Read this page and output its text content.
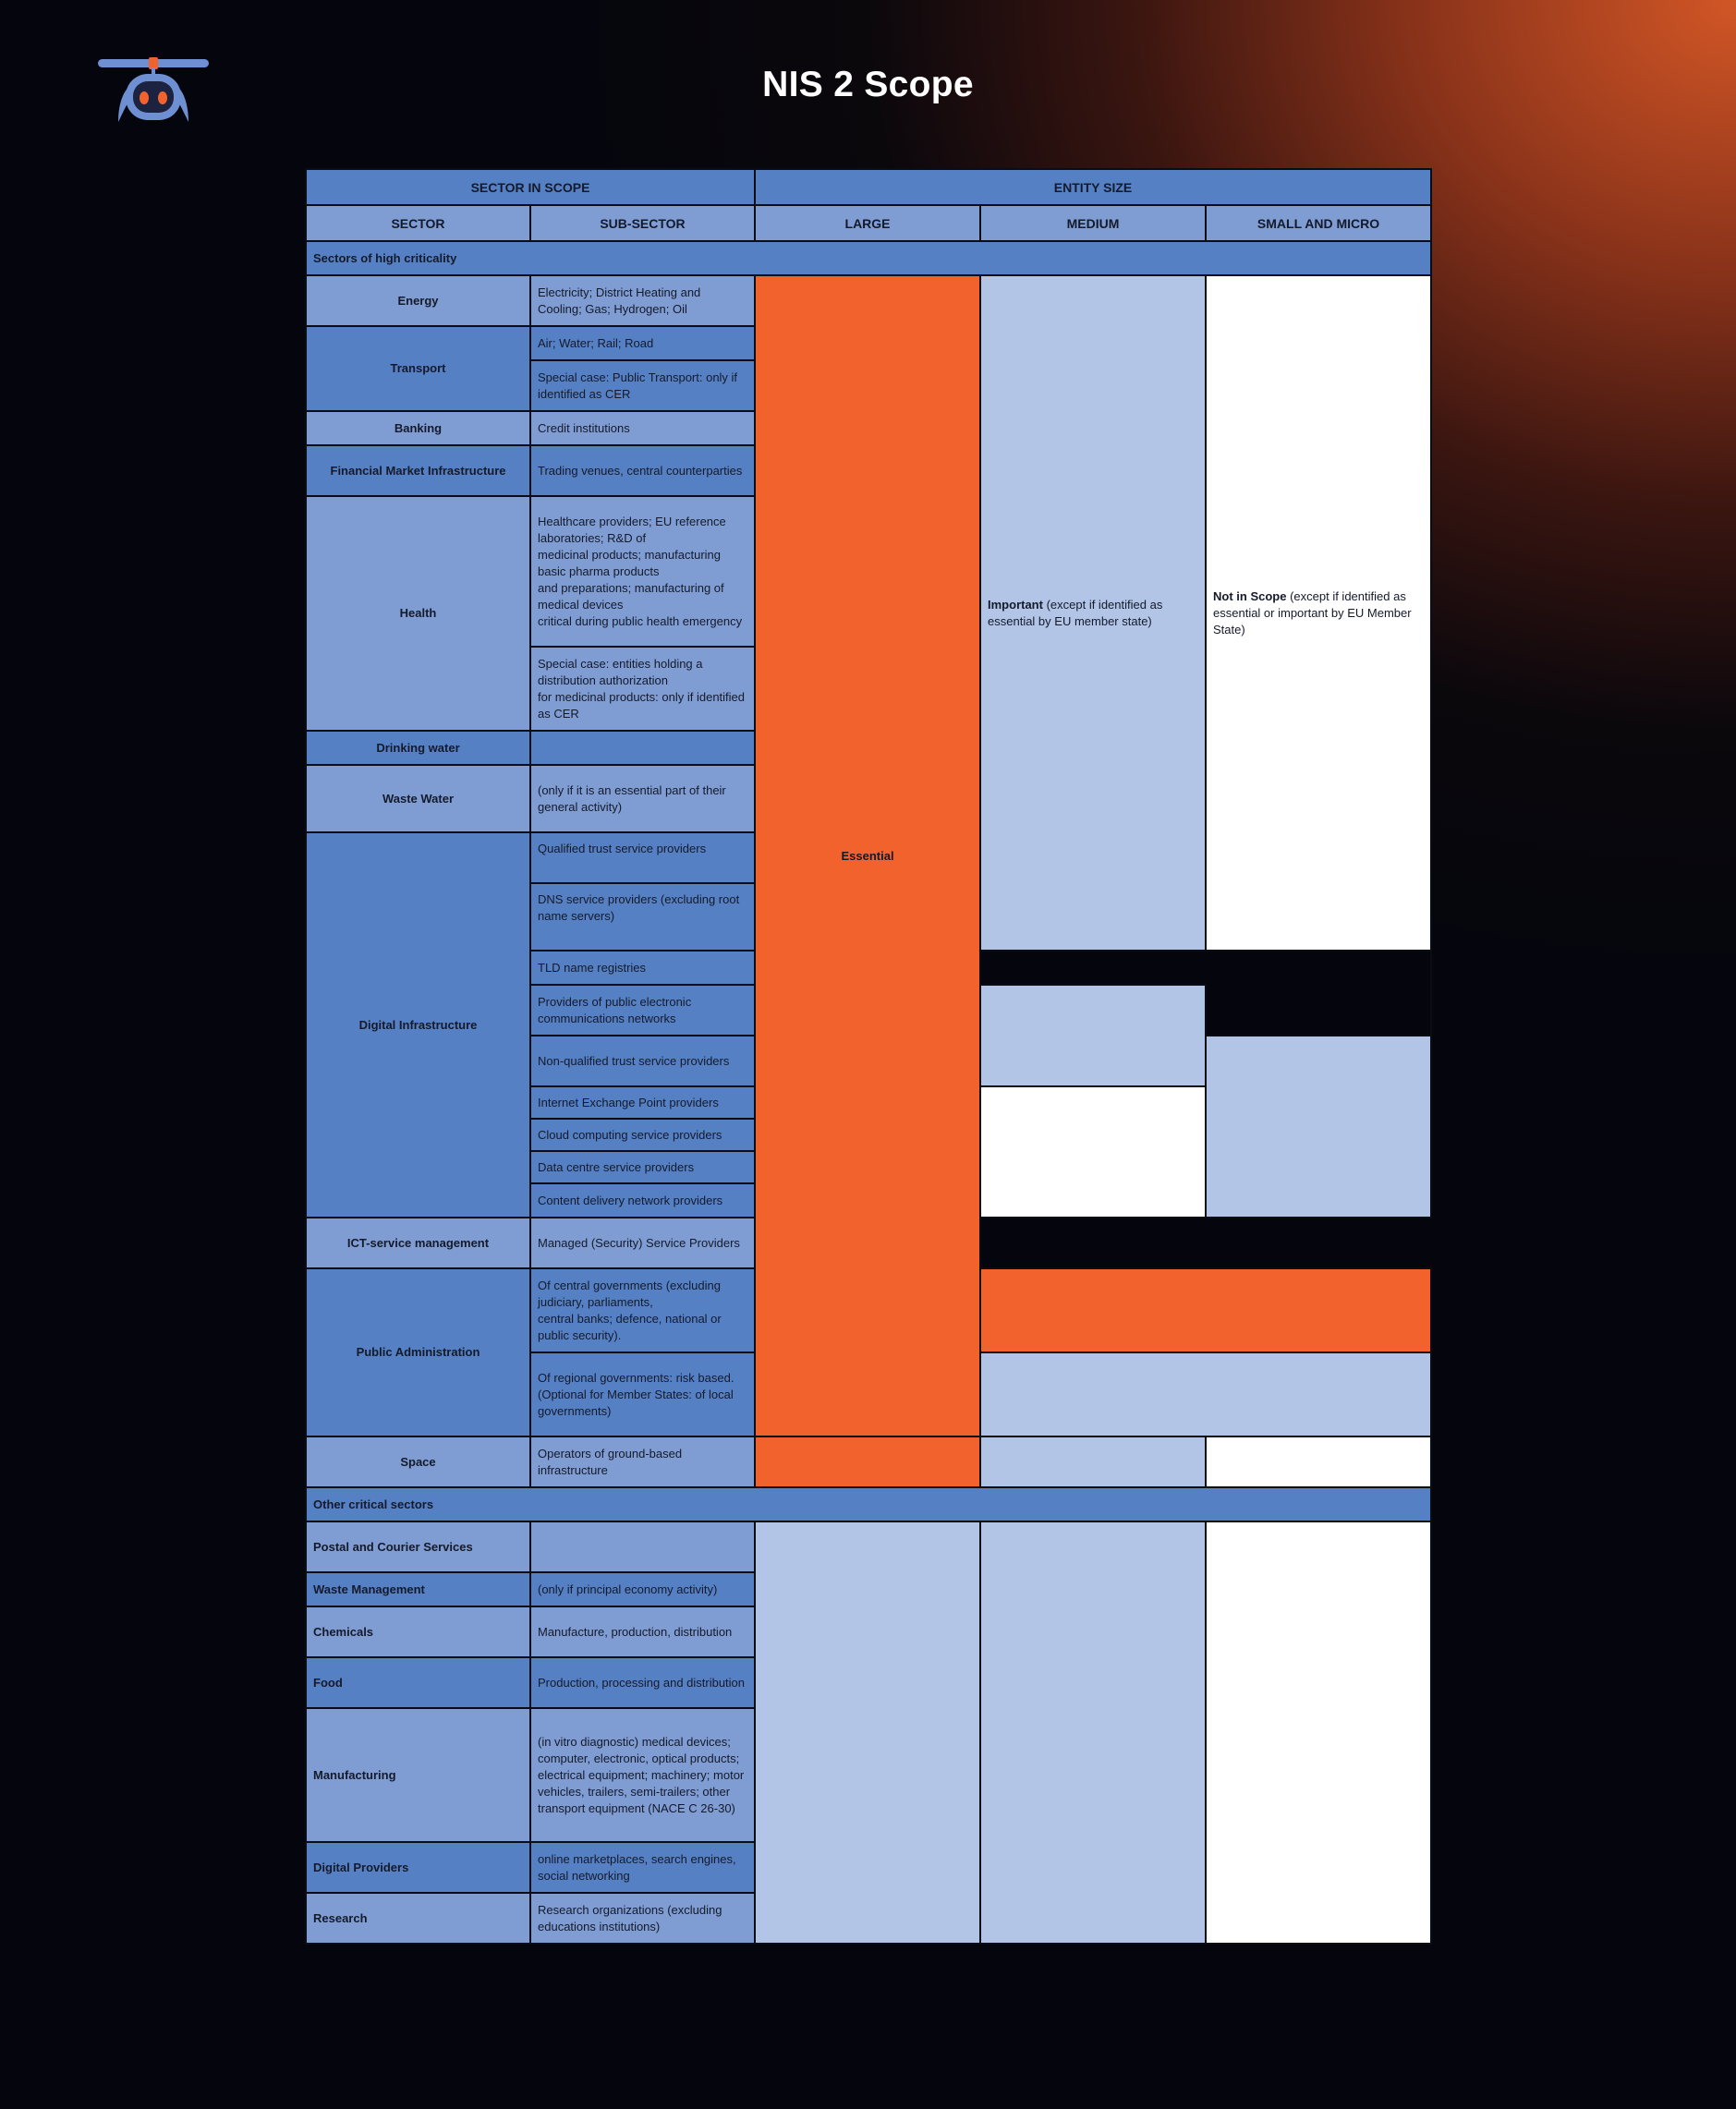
NIS 2 Scope
SECTOR IN SCOPE		ENTITY SIZE			
SECTOR	SUB-SECTOR	LARGE	MEDIUM	SMALL AND MICRO	
Sectors of high criticality					
Energy	Electricity; District Heating and Cooling; Gas; Hydrogen; Oil	Essential	Important (except if identified as essential by EU member state)	Not in Scope (except if identified as essential or important by EU Member State)	
Transport	Air; Water; Rail; Road				
	Special case: Public Transport: only if identified as CER				
Banking	Credit institutions				
Financial Market Infrastructure	Trading venues, central counterparties				
Health	Healthcare providers; EU reference laboratories; R&D of
medicinal products; manufacturing basic pharma products
and preparations; manufacturing of medical devices
critical during public health emergency				

	Special case: entities holding a distribution authorization
for medicinal products: only if identified as CER				

Drinking water					
Waste Water	(only if it is an essential part of their general activity)				
Digital Infrastructure	Qualified trust service providers				
	DNS service providers (excluding root name servers)				
	TLD name registries				
	Providers of public electronic communications networks				
	Non-qualified trust service providers				
	Internet Exchange Point providers				
	Cloud computing service providers				
	Data centre service providers				
	Content delivery network providers				
ICT-service management	Managed (Security) Service Providers				
Public Administration	Of central governments (excluding judiciary, parliaments,
central banks; defence, national or public security).				

	Of regional governments: risk based.
(Optional for Member States: of local governments)				

Space	Operators of ground-based infrastructure				
Other critical sectors					
Postal and Courier Services					
Waste Management	(only if principal economy activity)				
Chemicals	Manufacture, production, distribution				
Food	Production, processing and distribution				
Manufacturing	(in vitro diagnostic) medical devices; computer, electronic, optical products; electrical equipment; machinery; motor vehicles, trailers, semi-trailers; other transport equipment (NACE C 26-30)				
Digital Providers	online marketplaces, search engines, social networking				
Research	Research organizations (excluding educations institutions)				
